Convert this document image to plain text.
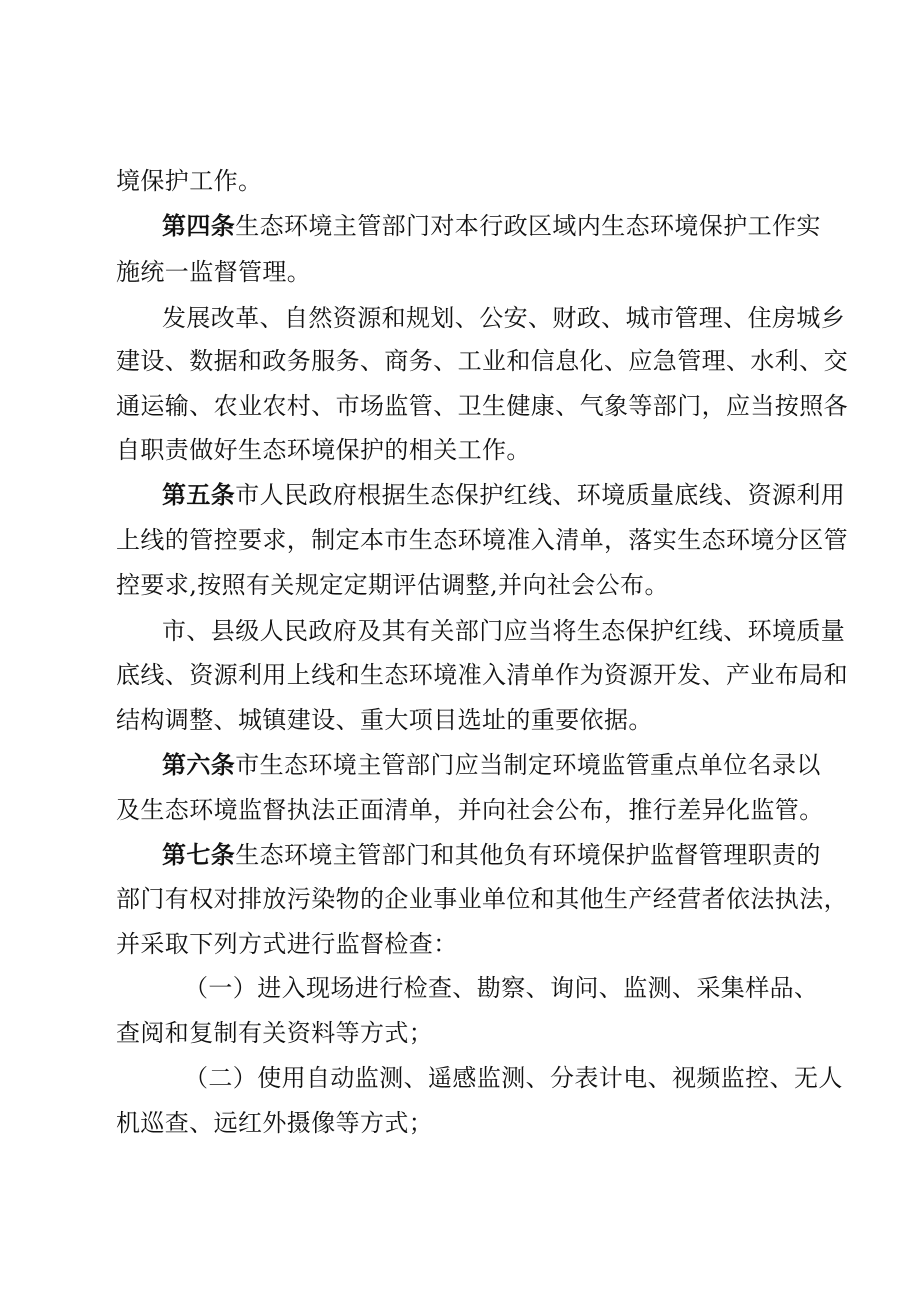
境保护工作。
第四条生态环境主管部门对本行政区域内生态环境保护工作实
施统一监督管理。
发展改革、自然资源和规划、公安、财政、城市管理、住房城乡
建设、数据和政务服务、商务、工业和信息化、应急管理、水利、交
通运输、农业农村、市场监管、卫生健康、气象等部门，应当按照各
自职责做好生态环境保护的相关工作。
第五条市人民政府根据生态保护红线、环境质量底线、资源利用
上线的管控要求，制定本市生态环境准入清单，落实生态环境分区管
控要求,按照有关规定定期评估调整,并向社会公布。
市、县级人民政府及其有关部门应当将生态保护红线、环境质量
底线、资源利用上线和生态环境准入清单作为资源开发、产业布局和
结构调整、城镇建设、重大项目选址的重要依据。
第六条市生态环境主管部门应当制定环境监管重点单位名录以
及生态环境监督执法正面清单，并向社会公布，推行差异化监管。
第七条生态环境主管部门和其他负有环境保护监督管理职责的
部门有权对排放污染物的企业事业单位和其他生产经营者依法执法，
并采取下列方式进行监督检查：
（一）进入现场进行检查、勘察、询问、监测、采集样品、
查阅和复制有关资料等方式；
（二）使用自动监测、遥感监测、分表计电、视频监控、无人
机巡查、远红外摄像等方式；
